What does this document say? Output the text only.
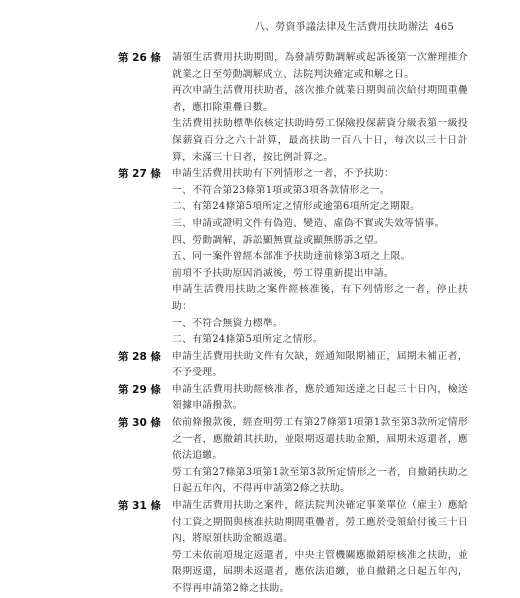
八、勞資爭議法律及生活費用扶助辦法 465
第 26 條	請領生活費用扶助期間，為發請勞動調解或起訴後第一次辦理推介就業之日至勞動調解成立、法院判決確定或和解之日。

再次申請生活費用扶助者，該次推介就業日期與前次給付期間重疊者，應扣除重疊日數。

生活費用扶助標準依核定扶助時勞工保險投保薪資分級表第一級投保薪資百分之六十計算，最高扶助一百八十日，每次以三十日計算，未滿三十日者，按比例計算之。

第 27 條	申請生活費用扶助有下列情形之一者，不予扶助：

一、不符合第23條第1項或第3項各款情形之一。

二、有第24條第5項所定之情形或逾第6項所定之期限。

三、申請或證明文件有偽造、變造、虛偽不實或失效等情事。

四、勞動調解，訴訟顯無實益或顯無勝訴之望。

五、同一案件曾經本部准予扶助達前條第3項之上限。

前項不予扶助原因消滅後，勞工得重新提出申請。

申請生活費用扶助之案件經核准後，有下列情形之一者，停止扶助：

一、不符合無資力標準。

二、有第24條第5項所定之情形。

第 28 條	申請生活費用扶助文件有欠缺，經通知限期補正，屆期未補正者，不予受理。

第 29 條	申請生活費用扶助經核准者，應於通知送達之日起三十日內，檢送領據申請撥款。

第 30 條	依前條撥款後，經查明勞工有第27條第1項第1款至第3款所定情形之一者，應撤銷其扶助，並限期返還扶助金額，屆期未返還者，應依法追繳。

勞工有第27條第3項第1款至第3款所定情形之一者，自撤銷扶助之日起五年內，不得再申請第2條之扶助。

第 31 條	申請生活費用扶助之案件，經法院判決確定事業單位（雇主）應給付工資之期間與核准扶助期間重疊者，勞工應於受領給付後三十日內，將原領扶助金額返還。

勞工未依前項規定返還者，中央主管機關應撤銷原核准之扶助，並限期返還，屆期未返還者，應依法追繳，並自撤銷之日起五年內，不得再申請第2條之扶助。
